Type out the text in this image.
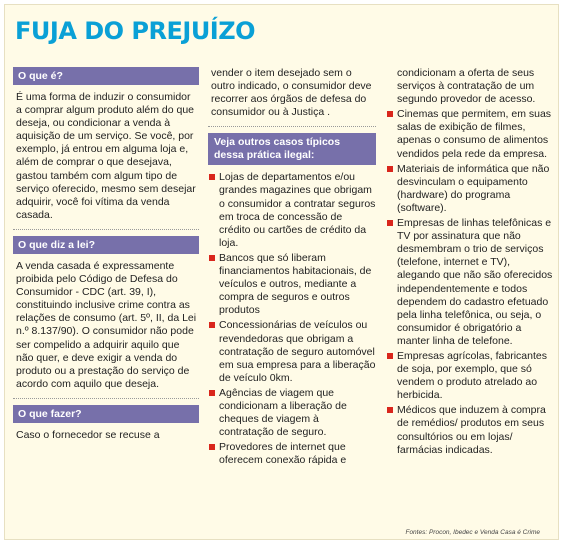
FUJA DO PREJUÍZO
O que é?

É uma forma de induzir o consumidor a comprar algum produto além do que deseja, ou condicionar a venda à aquisição de um serviço. Se você, por exemplo, já entrou em alguma loja e, além de comprar o que desejava, gastou também com algum tipo de serviço oferecido, mesmo sem desejar adquirir, você foi vítima da venda casada.

O que diz a lei?

A venda casada é expressamente proibida pelo Código de Defesa do Consumidor - CDC (art. 39, I), constituindo inclusive crime contra as relações de consumo (art. 5º, II, da Lei n.º 8.137/90). O consumidor não pode ser compelido a adquirir aquilo que não quer, e deve exigir a venda do produto ou a prestação do serviço de acordo com aquilo que deseja.

O que fazer?

Caso o fornecedor se recuse a

vender o item desejado sem o outro indicado, o consumidor deve recorrer aos órgãos de defesa do consumidor ou à Justiça .

Veja outros casos típicos dessa prática ilegal:
Lojas de departamentos e/ou grandes magazines que obrigam o consumidor a contratar seguros em troca de concessão de crédito ou cartões de crédito da loja.
Bancos que só liberam financiamentos habitacionais, de veículos e outros, mediante a compra de seguros e outros produtos
Concessionárias de veículos ou revendedoras que obrigam a contratação de seguro automóvel em sua empresa para a liberação de veículo 0km.
Agências de viagem que condicionam a liberação de cheques de viagem à contratação de seguro.
Provedores de internet que oferecem conexão rápida e

condicionam a oferta de seus serviços à contratação de um segundo provedor de acesso.

Cinemas que permitem, em suas salas de exibição de filmes, apenas o consumo de alimentos vendidos pela rede da empresa.
Materiais de informática que não desvinculam o equipamento (hardware) do programa (software).
Empresas de linhas telefônicas e TV por assinatura que não desmembram o trio de serviços (telefone, internet e TV), alegando que não são oferecidos independentemente e todos dependem do cadastro efetuado pela linha telefônica, ou seja, o consumidor é obrigatório a manter linha de telefone.
Empresas agrícolas, fabricantes de soja, por exemplo, que só vendem o produto atrelado ao herbicida.
Médicos que induzem à compra de remédios/ produtos em seus consultórios ou em lojas/ farmácias indicadas.
Fontes: Procon, Ibedec e Venda Casa é Crime
